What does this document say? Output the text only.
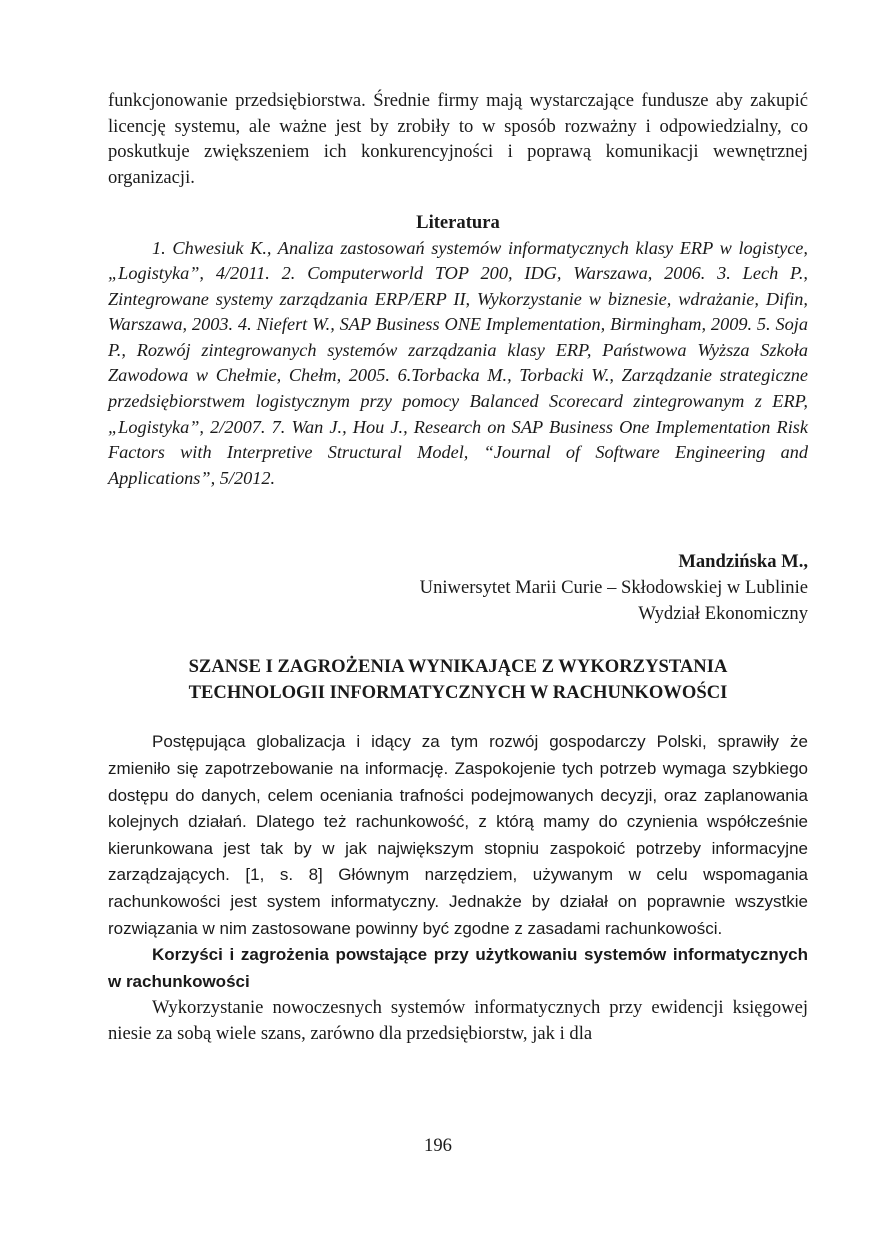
funkcjonowanie przedsiębiorstwa. Średnie firmy mają wystarczające fundusze aby zakupić licencję systemu, ale ważne jest by zrobiły to w sposób rozważny i odpowiedzialny, co poskutkuje zwiększeniem ich konkurencyjności i poprawą komunikacji wewnętrznej organizacji.

Literatura

1. Chwesiuk K., Analiza zastosowań systemów informatycznych klasy ERP w logistyce, „Logistyka”, 4/2011. 2. Computerworld TOP 200, IDG, Warszawa, 2006. 3. Lech P., Zintegrowane systemy zarządzania ERP/ERP II, Wykorzystanie w biznesie, wdrażanie, Difin, Warszawa, 2003. 4. Niefert W., SAP Business ONE Implementation, Birmingham, 2009. 5. Soja P., Rozwój zintegrowanych systemów zarządzania klasy ERP, Państwowa Wyższa Szkoła Zawodowa w Chełmie, Chełm, 2005. 6.Torbacka M., Torbacki W., Zarządzanie strategiczne przedsiębiorstwem logistycznym przy pomocy Balanced Scorecard zintegrowanym z ERP, „Logistyka”, 2/2007. 7. Wan J., Hou J., Research on SAP Business One Implementation Risk Factors with Interpretive Structural Model, “Journal of Software Engineering and Applications”, 5/2012.

Mandzińska M.,
Uniwersytet Marii Curie – Skłodowskiej w Lublinie
Wydział Ekonomiczny
SZANSE I ZAGROŻENIA WYNIKAJĄCE Z WYKORZYSTANIA
TECHNOLOGII INFORMATYCZNYCH W RACHUNKOWOŚCI

Postępująca globalizacja i idący za tym rozwój gospodarczy Polski, sprawiły że zmieniło się zapotrzebowanie na informację. Zaspokojenie tych potrzeb wymaga szybkiego dostępu do danych, celem oceniania trafności podejmowanych decyzji, oraz zaplanowania kolejnych działań. Dlatego też rachunkowość, z którą mamy do czynienia współcześnie kierunkowana jest tak by w jak największym stopniu zaspokoić potrzeby informacyjne zarządzających. [1, s. 8] Głównym narzędziem, używanym w celu wspomagania rachunkowości jest system informatyczny. Jednakże by działał on poprawnie wszystkie rozwiązania w nim zastosowane powinny być zgodne z zasadami rachunkowości.

Korzyści i zagrożenia powstające przy użytkowaniu systemów informatycznych w rachunkowości

Wykorzystanie nowoczesnych systemów informatycznych przy ewidencji księgowej niesie za sobą wiele szans, zarówno dla przedsiębiorstw, jak i dla

196
